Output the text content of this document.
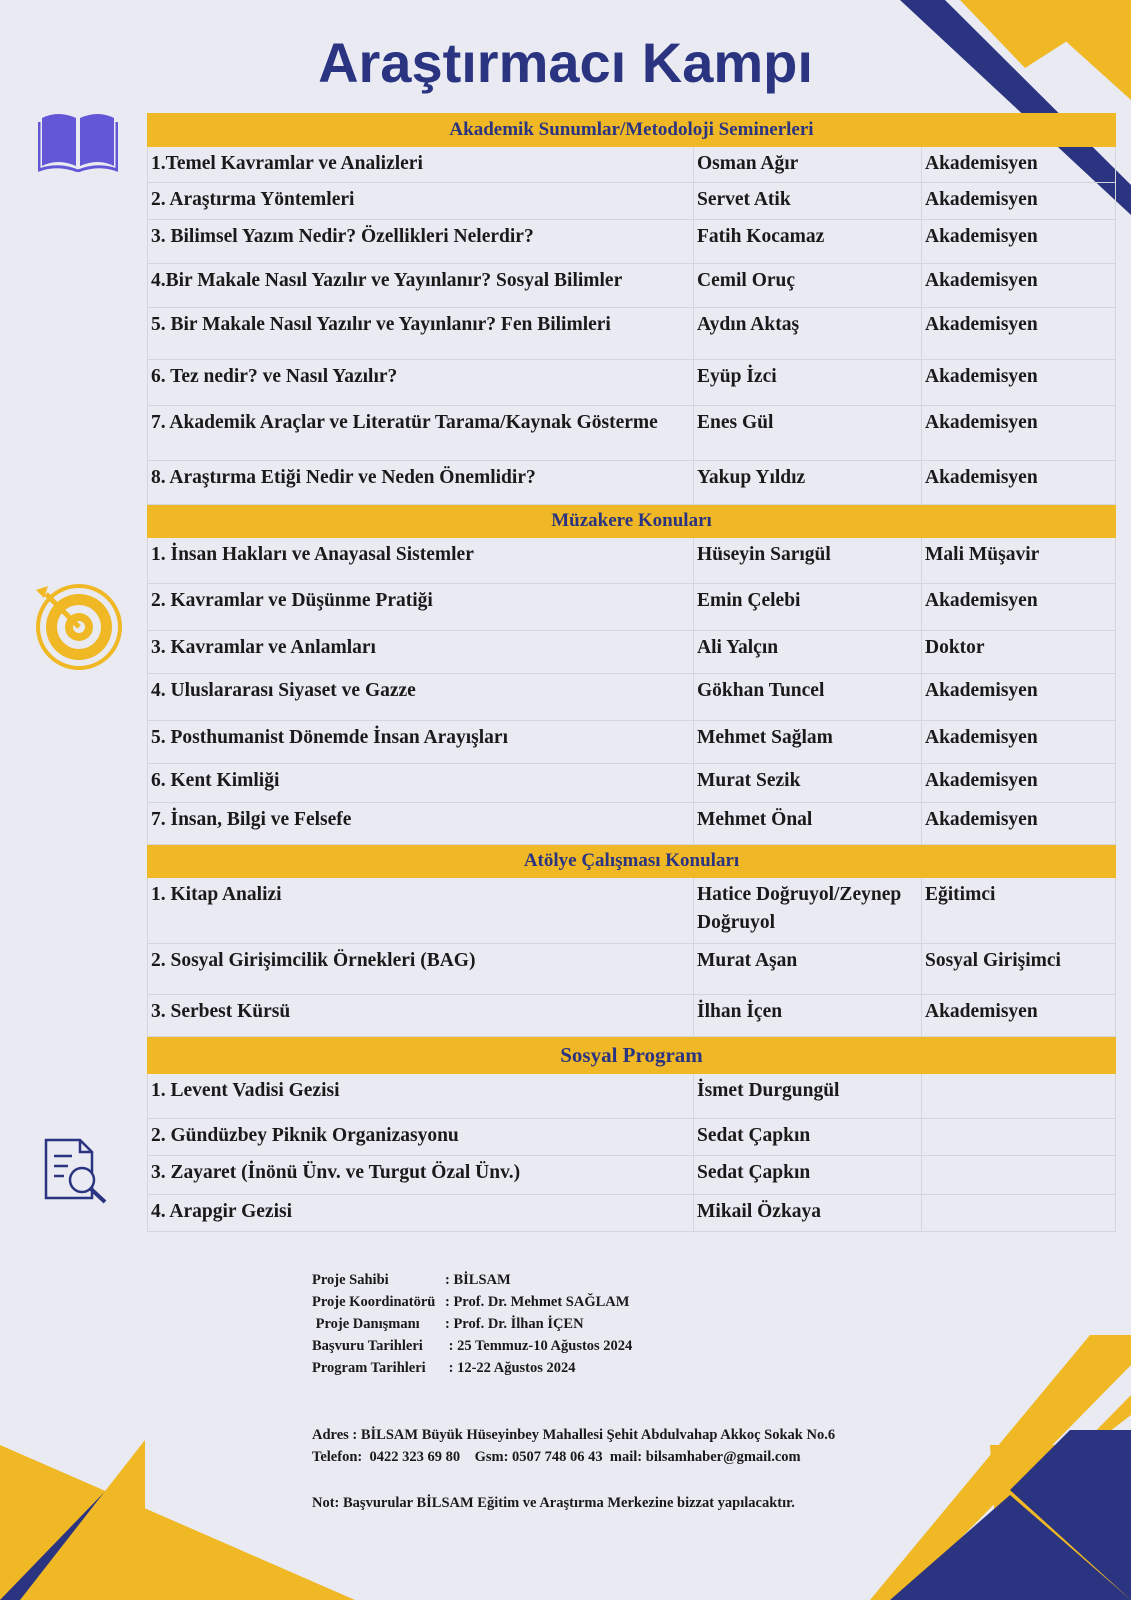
Araştırmacı Kampı
Akademik Sunumlar/Metodoloji Seminerleri		
1.Temel Kavramlar ve Analizleri	Osman Ağır	Akademisyen
2. Araştırma Yöntemleri	Servet Atik	Akademisyen
3. Bilimsel Yazım Nedir? Özellikleri Nelerdir?	Fatih Kocamaz	Akademisyen
4.Bir Makale Nasıl Yazılır ve Yayınlanır? Sosyal Bilimler	Cemil Oruç	Akademisyen
5. Bir Makale Nasıl Yazılır ve Yayınlanır? Fen Bilimleri	Aydın Aktaş	Akademisyen
6. Tez nedir? ve Nasıl Yazılır?	Eyüp İzci	Akademisyen
7. Akademik Araçlar ve Literatür Tarama/Kaynak Gösterme	Enes Gül	Akademisyen
8. Araştırma Etiği Nedir ve Neden Önemlidir?	Yakup Yıldız	Akademisyen
Müzakere Konuları		
1. İnsan Hakları ve Anayasal Sistemler	Hüseyin Sarıgül	Mali Müşavir
2. Kavramlar ve Düşünme Pratiği	Emin Çelebi	Akademisyen
3. Kavramlar ve Anlamları	Ali Yalçın	Doktor
4. Uluslararası Siyaset ve Gazze	Gökhan Tuncel	Akademisyen
5. Posthumanist Dönemde İnsan Arayışları	Mehmet Sağlam	Akademisyen
6. Kent Kimliği	Murat Sezik	Akademisyen
7. İnsan, Bilgi ve Felsefe	Mehmet Önal	Akademisyen
Atölye Çalışması Konuları		
1. Kitap Analizi	Hatice Doğruyol/Zeynep Doğruyol	Eğitimci
2. Sosyal Girişimcilik Örnekleri (BAG)	Murat Aşan	Sosyal Girişimci
3. Serbest Kürsü	İlhan İçen	Akademisyen
Sosyal Program		
1. Levent Vadisi Gezisi	İsmet Durgungül	
2. Gündüzbey Piknik Organizasyonu	Sedat Çapkın	
3. Zayaret (İnönü Ünv. ve Turgut Özal Ünv.)	Sedat Çapkın	
4. Arapgir Gezisi	Mikail Özkaya	
Proje Sahibi	: BİLSAM
Proje Koordinatörü : Prof. Dr. Mehmet SAĞLAM
Proje Danışmanı : Prof. Dr. İlhan İÇEN
Başvuru Tarihleri : 25 Temmuz-10 Ağustos 2024
Program Tarihleri : 12-22 Ağustos 2024
Adres : BİLSAM Büyük Hüseyinbey Mahallesi Şehit Abdulvahap Akkoç Sokak No.6
Telefon:  0422 323 69 80    Gsm: 0507 748 06 43  mail: bilsamhaber@gmail.com
Not: Başvurular BİLSAM Eğitim ve Araştırma Merkezine bizzat yapılacaktır.
